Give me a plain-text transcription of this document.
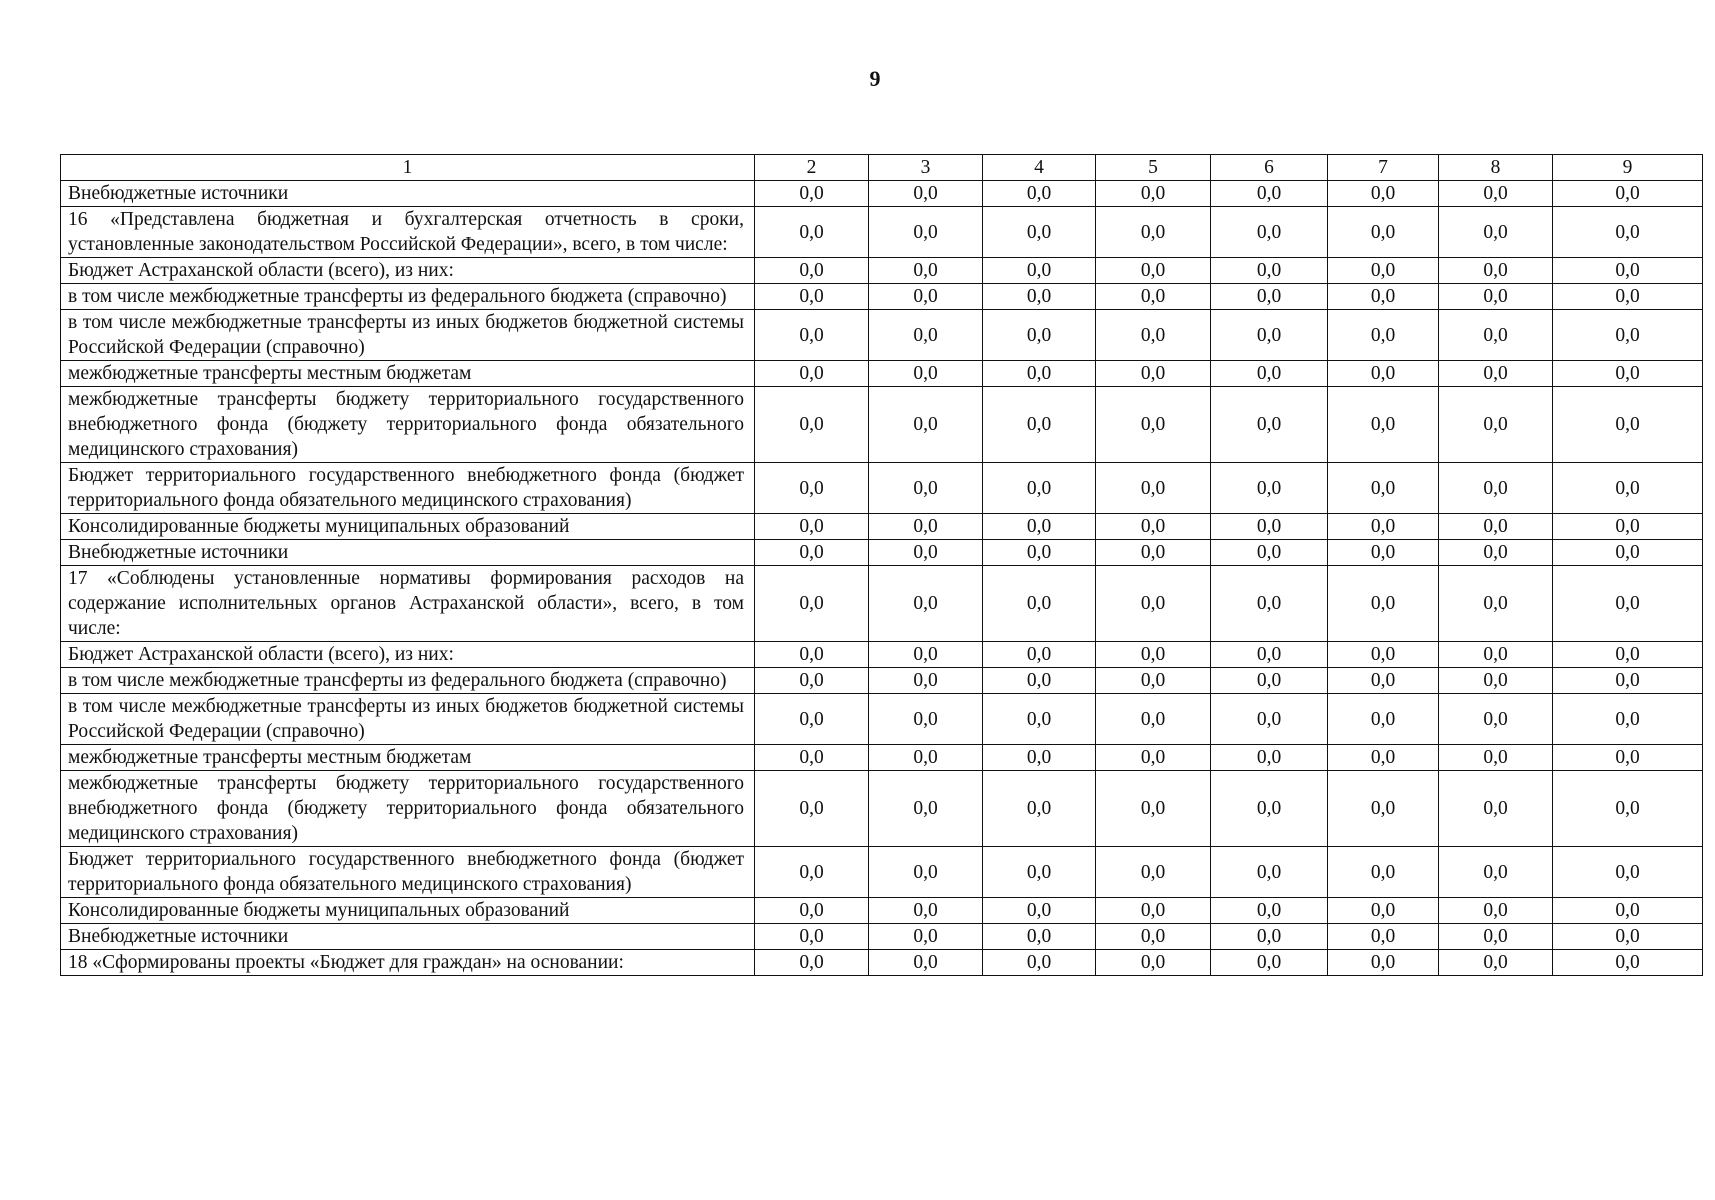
9
1	2	3	4	5	6	7	8	9
Внебюджетные источники	0,0	0,0	0,0	0,0	0,0	0,0	0,0	0,0
16 «Представлена бюджетная и бухгалтерская отчетность в сроки, установленные законодательством Российской Федерации», всего, в том числе:	0,0	0,0	0,0	0,0	0,0	0,0	0,0	0,0
Бюджет Астраханской области (всего), из них:	0,0	0,0	0,0	0,0	0,0	0,0	0,0	0,0
в том числе межбюджетные трансферты из федерального бюджета (справочно)	0,0	0,0	0,0	0,0	0,0	0,0	0,0	0,0
в том числе межбюджетные трансферты из иных бюджетов бюджетной системы Российской Федерации (справочно)	0,0	0,0	0,0	0,0	0,0	0,0	0,0	0,0
межбюджетные трансферты местным бюджетам	0,0	0,0	0,0	0,0	0,0	0,0	0,0	0,0
межбюджетные трансферты бюджету территориального государственного внебюджетного фонда (бюджету территориального фонда обязательного медицинского страхования)	0,0	0,0	0,0	0,0	0,0	0,0	0,0	0,0
Бюджет территориального государственного внебюджетного фонда (бюджет территориального фонда обязательного медицинского страхования)	0,0	0,0	0,0	0,0	0,0	0,0	0,0	0,0
Консолидированные бюджеты муниципальных образований	0,0	0,0	0,0	0,0	0,0	0,0	0,0	0,0
Внебюджетные источники	0,0	0,0	0,0	0,0	0,0	0,0	0,0	0,0
17 «Соблюдены установленные нормативы формирования расходов на содержание исполнительных органов Астраханской области», всего, в том числе:	0,0	0,0	0,0	0,0	0,0	0,0	0,0	0,0
Бюджет Астраханской области (всего), из них:	0,0	0,0	0,0	0,0	0,0	0,0	0,0	0,0
в том числе межбюджетные трансферты из федерального бюджета (справочно)	0,0	0,0	0,0	0,0	0,0	0,0	0,0	0,0
в том числе межбюджетные трансферты из иных бюджетов бюджетной системы Российской Федерации (справочно)	0,0	0,0	0,0	0,0	0,0	0,0	0,0	0,0
межбюджетные трансферты местным бюджетам	0,0	0,0	0,0	0,0	0,0	0,0	0,0	0,0
межбюджетные трансферты бюджету территориального государственного внебюджетного фонда (бюджету территориального фонда обязательного медицинского страхования)	0,0	0,0	0,0	0,0	0,0	0,0	0,0	0,0
Бюджет территориального государственного внебюджетного фонда (бюджет территориального фонда обязательного медицинского страхования)	0,0	0,0	0,0	0,0	0,0	0,0	0,0	0,0
Консолидированные бюджеты муниципальных образований	0,0	0,0	0,0	0,0	0,0	0,0	0,0	0,0
Внебюджетные источники	0,0	0,0	0,0	0,0	0,0	0,0	0,0	0,0
18 «Сформированы проекты «Бюджет для граждан» на основании:	0,0	0,0	0,0	0,0	0,0	0,0	0,0	0,0
